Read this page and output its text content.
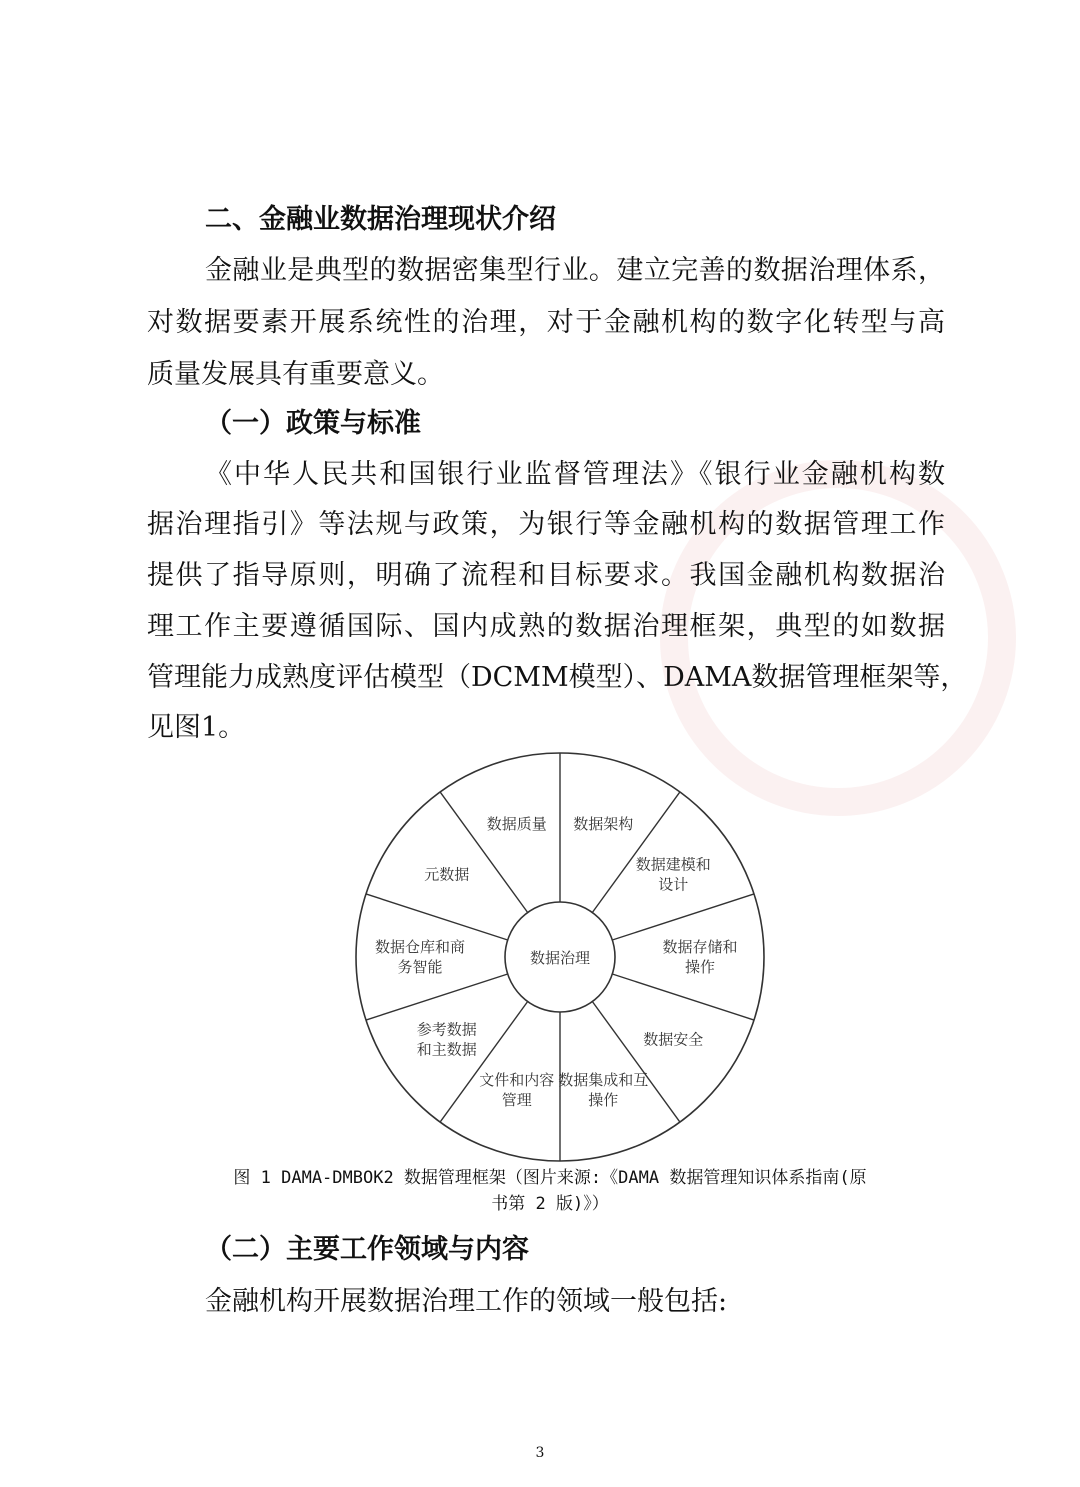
二、金融业数据治理现状介绍
金融业是典型的数据密集型行业。建立完善的数据治理体系，
对数据要素开展系统性的治理，对于金融机构的数字化转型与高
质量发展具有重要意义。
（一）政策与标准
《中华人民共和国银行业监督管理法》《银行业金融机构数
据治理指引》等法规与政策，为银行等金融机构的数据管理工作
提供了指导原则，明确了流程和目标要求。我国金融机构数据治
理工作主要遵循国际、国内成熟的数据治理框架，典型的如数据
管理能力成熟度评估模型（DCMM模型）、DAMA数据管理框架等，
见图1。
数据架构
数据建模和设计
数据存储和操作
数据安全
数据集成和互操作
文件和内容管理
参考数据和主数据
数据仓库和商务智能
元数据
数据质量
数据治理
图 1 DAMA-DMBOK2 数据管理框架（图片来源:《DAMA 数据管理知识体系指南(原
书第 2 版)》）
（二）主要工作领域与内容
金融机构开展数据治理工作的领域一般包括:
3
